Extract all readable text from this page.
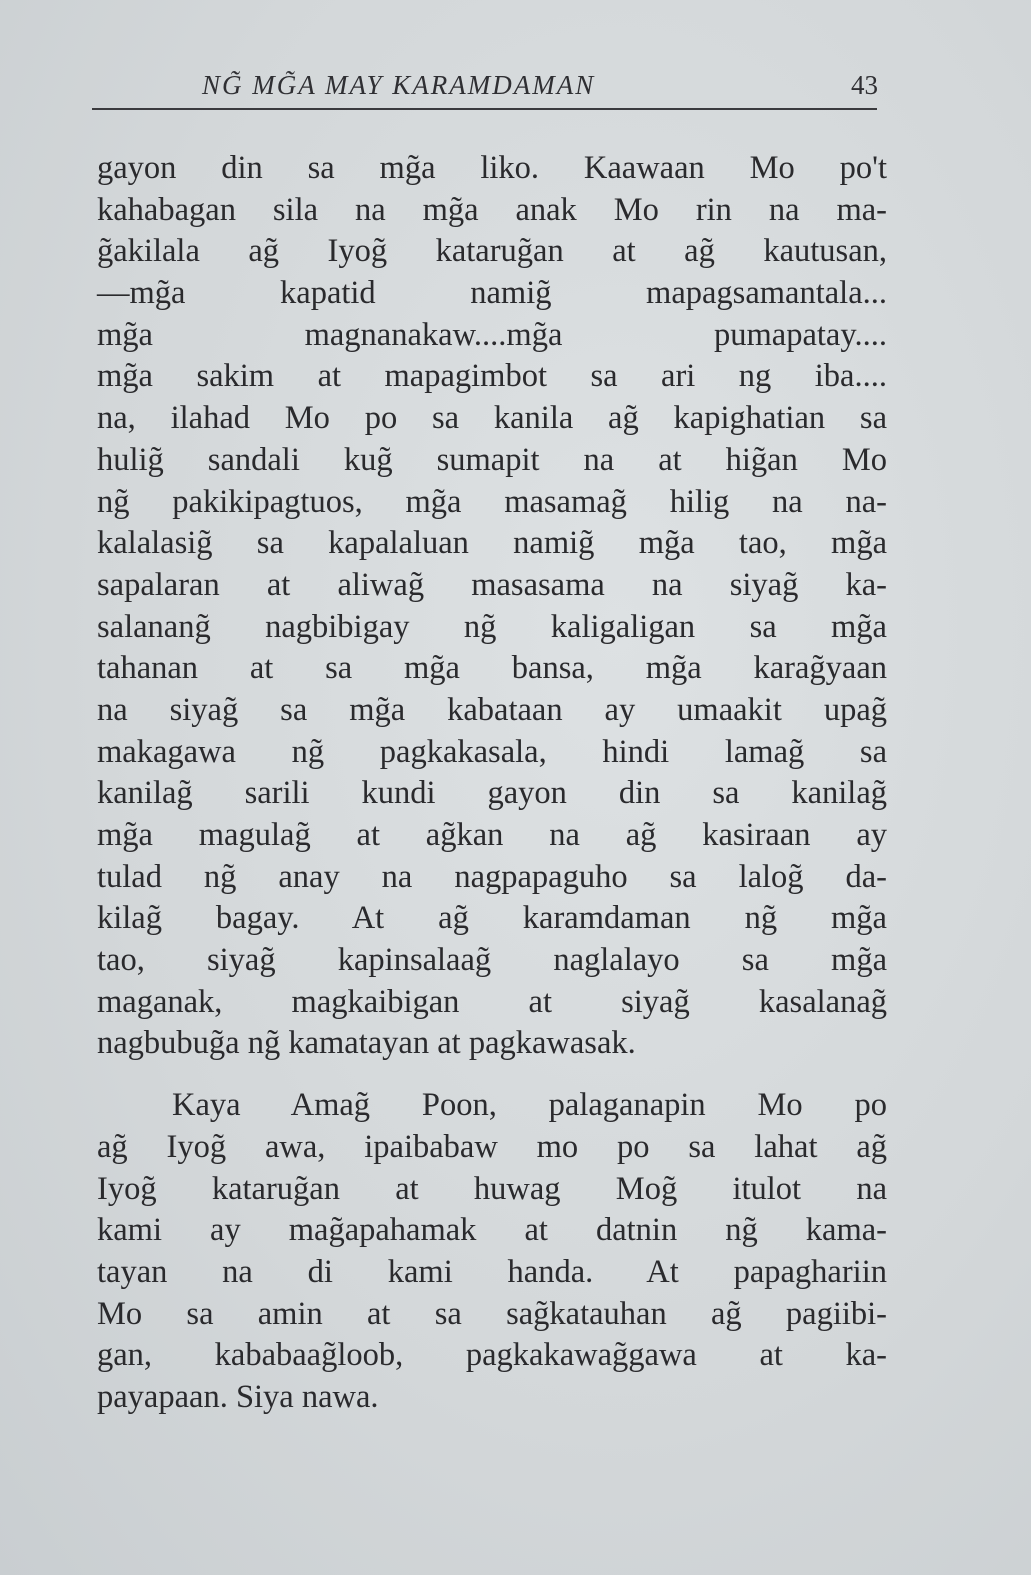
NG̃ MG̃A MAY KARAMDAMAN	43
gayon din sa mg̃a liko. Kaawaan Mo po't
kahabagan sila na mg̃a anak Mo rin na ma-
g̃akilala ag̃ Iyog̃ katarug̃an at ag̃ kautusan,
—mg̃a kapatid namig̃ mapagsamantala...
mg̃a magnanakaw....mg̃a pumapatay....
mg̃a sakim at mapagimbot sa ari ng iba....
na, ilahad Mo po sa kanila ag̃ kapighatian sa
hulig̃ sandali kug̃ sumapit na at hig̃an Mo
ng̃ pakikipagtuos, mg̃a masamag̃ hilig na na-
kalalasig̃ sa kapalaluan namig̃ mg̃a tao, mg̃a
sapalaran at aliwag̃ masasama na siyag̃ ka-
salanang̃ nagbibigay ng̃ kaligaligan sa mg̃a
tahanan at sa mg̃a bansa, mg̃a karag̃yaan
na siyag̃ sa mg̃a kabataan ay umaakit upag̃
makagawa ng̃ pagkakasala, hindi lamag̃ sa
kanilag̃ sarili kundi gayon din sa kanilag̃
mg̃a magulag̃ at ag̃kan na ag̃ kasiraan ay
tulad ng̃ anay na nagpapaguho sa lalog̃ da-
kilag̃ bagay. At ag̃ karamdaman ng̃ mg̃a
tao, siyag̃ kapinsalaag̃ naglalayo sa mg̃a
maganak, magkaibigan at siyag̃ kasalanag̃
nagbubug̃a ng̃ kamatayan at pagkawasak.
Kaya Amag̃ Poon, palaganapin Mo po
ag̃ Iyog̃ awa, ipaibabaw mo po sa lahat ag̃
Iyog̃ katarug̃an at huwag Mog̃ itulot na
kami ay mag̃apahamak at datnin ng̃ kama-
tayan na di kami handa. At papaghariin
Mo sa amin at sa sag̃katauhan ag̃ pagiibi-
gan, kababaag̃loob, pagkakawag̃gawa at ka-
payapaan. Siya nawa.
